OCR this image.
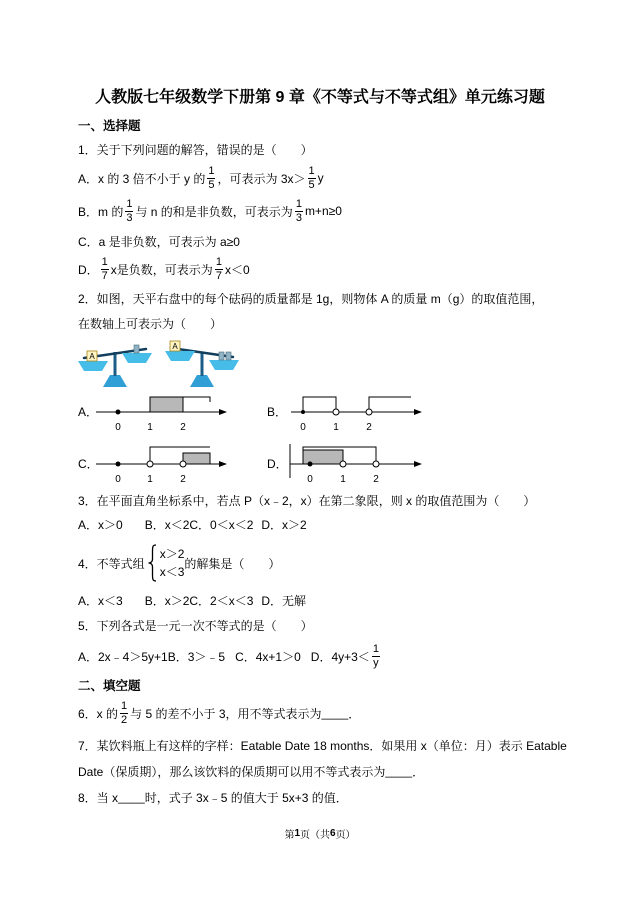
人教版七年级数学下册第 9 章《不等式与不等式组》单元练习题
一、选择题
1．关于下列问题的解答，错误的是（　　）
A．x 的 3 倍不小于 y 的 $\frac{1}{5}$ ，可表示为 $3x> \frac{1}{5}$ y
B．m 的 $\frac{1}{3}$ 与 n 的和是非负数，可表示为 $\frac{1}{3} m+n\ge 0$
C．a 是非负数，可表示为 a≥0
D． $\frac{1}{7}$ x是负数，可表示为 $\frac{1}{7} x<0$
2．如图，天平右盘中的每个砝码的质量都是 1g，则物体 A 的质量 m（g）的取值范围，
在数轴上可表示为（　　）
A
A
A．
0	1	2
B．
0	1	2
C．
0	1	2
D．
0	1	2
3．在平面直角坐标系中，若点 P（x﹣2，x）在第二象限，则 x 的取值范围为（　　）
A．x＞0 B．x＜2 C．0＜x＜2 D．x＞2
4．不等式组
x＞2
x＜3
的解集是（　　）
A．x＜3 B．x＞2 C．2＜x＜3 D．无解
5．下列各式是一元一次不等式的是（　　）
A．2x﹣4＞5y+1 B．3＞﹣5 C．4x+1＞0 D．$4y+3< \frac{1}{y}$
二、填空题
6．x 的 $\frac{1}{2}$ 与 5 的差不小于 3，用不等式表示为 ____ ．
7．某饮料瓶上有这样的字样：Eatable Date 18 months．如果用 x（单位：月）表示 Eatable
Date（保质期），那么该饮料的保质期可以用不等式表示为 ____ ．
8．当 x ____ 时，式子 3x﹣5 的值大于 5x+3 的值．
第 1 页（共 6 页）
